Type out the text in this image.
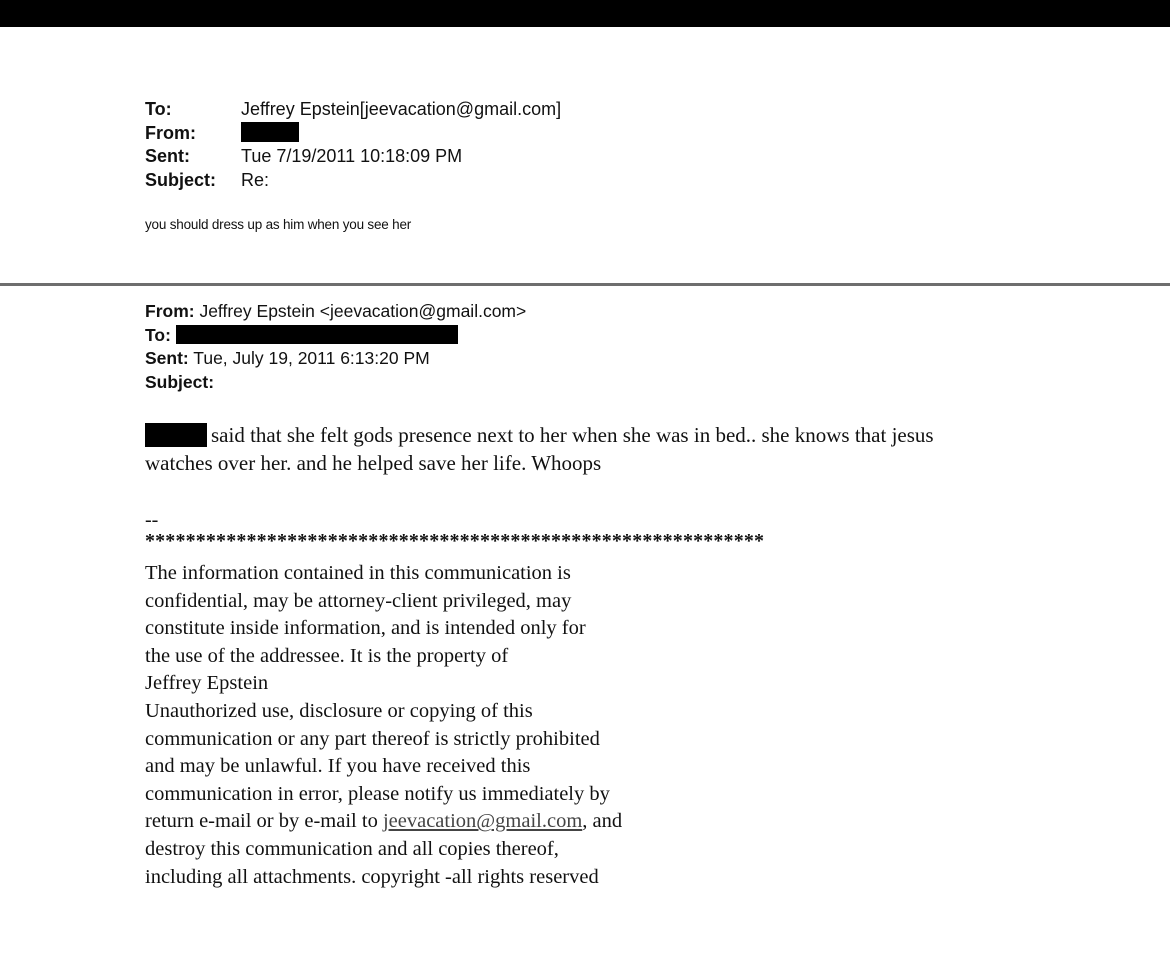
To:	Jeffrey Epstein[jeevacation@gmail.com]
From:
Sent:	Tue 7/19/2011 10:18:09 PM
Subject:	Re:
you should dress up as him when you see her
From: Jeffrey Epstein <jeevacation@gmail.com>
To:
Sent: Tue, July 19, 2011 6:13:20 PM
Subject:
said that she felt gods presence next to her when she was in bed.. she knows that jesus
watches over her. and he helped save her life. Whoops
--
*************************************************************
The information contained in this communication is
confidential, may be attorney-client privileged, may
constitute inside information, and is intended only for
the use of the addressee. It is the property of
Jeffrey Epstein
Unauthorized use, disclosure or copying of this
communication or any part thereof is strictly prohibited
and may be unlawful. If you have received this
communication in error, please notify us immediately by
return e-mail or by e-mail to jeevacation@gmail.com, and
destroy this communication and all copies thereof,
including all attachments. copyright -all rights reserved
